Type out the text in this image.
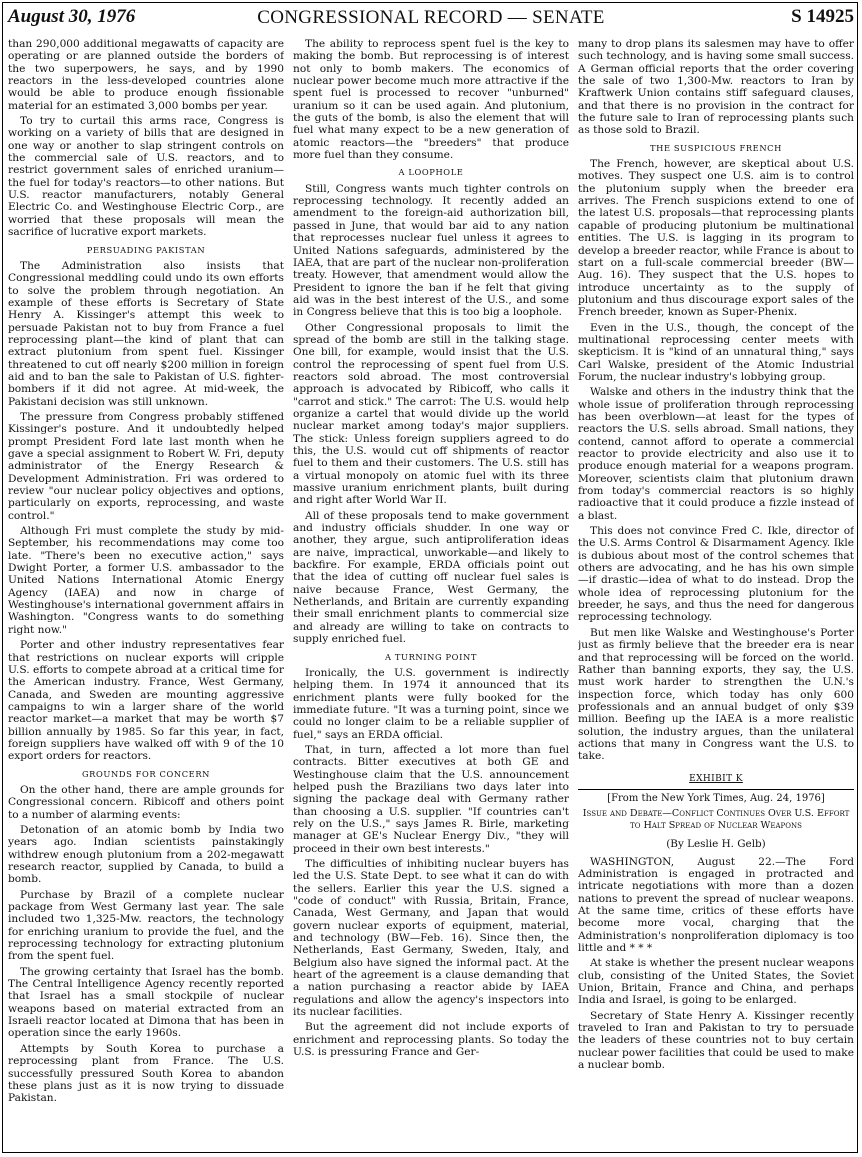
August 30, 1976	CONGRESSIONAL RECORD — SENATE	S 14925

than 290,000 additional megawatts of capacity are operating or are planned outside the borders of the two superpowers, he says, and by 1990 reactors in the less-developed countries alone would be able to produce enough fissionable material for an estimated 3,000 bombs per year.

To try to curtail this arms race, Congress is working on a variety of bills that are designed in one way or another to slap stringent controls on the commercial sale of U.S. reactors, and to restrict government sales of enriched uranium—the fuel for today's reactors—to other nations. But U.S. reactor manufacturers, notably General Electric Co. and Westinghouse Electric Corp., are worried that these proposals will mean the sacrifice of lucrative export markets.

PERSUADING PAKISTAN

The Administration also insists that Congressional meddling could undo its own efforts to solve the problem through negotiation. An example of these efforts is Secretary of State Henry A. Kissinger's attempt this week to persuade Pakistan not to buy from France a fuel reprocessing plant—the kind of plant that can extract plutonium from spent fuel. Kissinger threatened to cut off nearly $200 million in foreign aid and to ban the sale to Pakistan of U.S. fighter-bombers if it did not agree. At mid-week, the Pakistani decision was still unknown.

The pressure from Congress probably stiffened Kissinger's posture. And it undoubtedly helped prompt President Ford late last month when he gave a special assignment to Robert W. Fri, deputy administrator of the Energy Research & Development Administration. Fri was ordered to review "our nuclear policy objectives and options, particularly on exports, reprocessing, and waste control."

Although Fri must complete the study by mid-September, his recommendations may come too late. "There's been no executive action," says Dwight Porter, a former U.S. ambassador to the United Nations International Atomic Energy Agency (IAEA) and now in charge of Westinghouse's international government affairs in Washington. "Congress wants to do something right now."

Porter and other industry representatives fear that restrictions on nuclear exports will cripple U.S. efforts to compete abroad at a critical time for the American industry. France, West Germany, Canada, and Sweden are mounting aggressive campaigns to win a larger share of the world reactor market—a market that may be worth $7 billion annually by 1985. So far this year, in fact, foreign suppliers have walked off with 9 of the 10 export orders for reactors.

GROUNDS FOR CONCERN

On the other hand, there are ample grounds for Congressional concern. Ribicoff and others point to a number of alarming events:

Detonation of an atomic bomb by India two years ago. Indian scientists painstakingly withdrew enough plutonium from a 202-megawatt research reactor, supplied by Canada, to build a bomb.

Purchase by Brazil of a complete nuclear package from West Germany last year. The sale included two 1,325-Mw. reactors, the technology for enriching uranium to provide the fuel, and the reprocessing technology for extracting plutonium from the spent fuel.

The growing certainty that Israel has the bomb. The Central Intelligence Agency recently reported that Israel has a small stockpile of nuclear weapons based on material extracted from an Israeli reactor located at Dimona that has been in operation since the early 1960s.

Attempts by South Korea to purchase a reprocessing plant from France. The U.S. successfully pressured South Korea to abandon these plans just as it is now trying to dissuade Pakistan.

The ability to reprocess spent fuel is the key to making the bomb. But reprocessing is of interest not only to bomb makers. The economics of nuclear power become much more attractive if the spent fuel is processed to recover "unburned" uranium so it can be used again. And plutonium, the guts of the bomb, is also the element that will fuel what many expect to be a new generation of atomic reactors—the "breeders" that produce more fuel than they consume.

A LOOPHOLE

Still, Congress wants much tighter controls on reprocessing technology. It recently added an amendment to the foreign-aid authorization bill, passed in June, that would bar aid to any nation that reprocesses nuclear fuel unless it agrees to United Nations safeguards, administered by the IAEA, that are part of the nuclear non-proliferation treaty. However, that amendment would allow the President to ignore the ban if he felt that giving aid was in the best interest of the U.S., and some in Congress believe that this is too big a loophole.

Other Congressional proposals to limit the spread of the bomb are still in the talking stage. One bill, for example, would insist that the U.S. control the reprocessing of spent fuel from U.S. reactors sold abroad. The most controversial approach is advocated by Ribicoff, who calls it "carrot and stick." The carrot: The U.S. would help organize a cartel that would divide up the world nuclear market among today's major suppliers. The stick: Unless foreign suppliers agreed to do this, the U.S. would cut off shipments of reactor fuel to them and their customers. The U.S. still has a virtual monopoly on atomic fuel with its three massive uranium enrichment plants, built during and right after World War II.

All of these proposals tend to make government and industry officials shudder. In one way or another, they argue, such antiproliferation ideas are naive, impractical, unworkable—and likely to backfire. For example, ERDA officials point out that the idea of cutting off nuclear fuel sales is naive because France, West Germany, the Netherlands, and Britain are currently expanding their small enrichment plants to commercial size and already are willing to take on contracts to supply enriched fuel.

A TURNING POINT

Ironically, the U.S. government is indirectly helping them. In 1974 it announced that its enrichment plants were fully booked for the immediate future. "It was a turning point, since we could no longer claim to be a reliable supplier of fuel," says an ERDA official.

That, in turn, affected a lot more than fuel contracts. Bitter executives at both GE and Westinghouse claim that the U.S. announcement helped push the Brazilians two days later into signing the package deal with Germany rather than choosing a U.S. supplier. "If countries can't rely on the U.S.," says James R. Birle, marketing manager at GE's Nuclear Energy Div., "they will proceed in their own best interests."

The difficulties of inhibiting nuclear buyers has led the U.S. State Dept. to see what it can do with the sellers. Earlier this year the U.S. signed a "code of conduct" with Russia, Britain, France, Canada, West Germany, and Japan that would govern nuclear exports of equipment, material, and technology (BW—Feb. 16). Since then, the Netherlands, East Germany, Sweden, Italy, and Belgium also have signed the informal pact. At the heart of the agreement is a clause demanding that a nation purchasing a reactor abide by IAEA regulations and allow the agency's inspectors into its nuclear facilities.

But the agreement did not include exports of enrichment and reprocessing plants. So today the U.S. is pressuring France and Ger-

many to drop plans its salesmen may have to offer such technology, and is having some small success. A German official reports that the order covering the sale of two 1,300-Mw. reactors to Iran by Kraftwerk Union contains stiff safeguard clauses, and that there is no provision in the contract for the future sale to Iran of reprocessing plants such as those sold to Brazil.

THE SUSPICIOUS FRENCH

The French, however, are skeptical about U.S. motives. They suspect one U.S. aim is to control the plutonium supply when the breeder era arrives. The French suspicions extend to one of the latest U.S. proposals—that reprocessing plants capable of producing plutonium be multinational entities. The U.S. is lagging in its program to develop a breeder reactor, while France is about to start on a full-scale commercial breeder (BW—Aug. 16). They suspect that the U.S. hopes to introduce uncertainty as to the supply of plutonium and thus discourage export sales of the French breeder, known as Super-Phenix.

Even in the U.S., though, the concept of the multinational reprocessing center meets with skepticism. It is "kind of an unnatural thing," says Carl Walske, president of the Atomic Industrial Forum, the nuclear industry's lobbying group.

Walske and others in the industry think that the whole issue of proliferation through reprocessing has been overblown—at least for the types of reactors the U.S. sells abroad. Small nations, they contend, cannot afford to operate a commercial reactor to provide electricity and also use it to produce enough material for a weapons program. Moreover, scientists claim that plutonium drawn from today's commercial reactors is so highly radioactive that it could produce a fizzle instead of a blast.

This does not convince Fred C. Ikle, director of the U.S. Arms Control & Disarmament Agency. Ikle is dubious about most of the control schemes that others are advocating, and he has his own simple—if drastic—idea of what to do instead. Drop the whole idea of reprocessing plutonium for the breeder, he says, and thus the need for dangerous reprocessing technology.

But men like Walske and Westinghouse's Porter just as firmly believe that the breeder era is near and that reprocessing will be forced on the world. Rather than banning exports, they say, the U.S. must work harder to strengthen the U.N.'s inspection force, which today has only 600 professionals and an annual budget of only $39 million. Beefing up the IAEA is a more realistic solution, the industry argues, than the unilateral actions that many in Congress want the U.S. to take.

EXHIBIT K
[From the New York Times, Aug. 24, 1976]
Issue and Debate—Conflict Continues Over U.S. Effort to Halt Spread of Nuclear Weapons
(By Leslie H. Gelb)

WASHINGTON, August 22.—The Ford Administration is engaged in protracted and intricate negotiations with more than a dozen nations to prevent the spread of nuclear weapons. At the same time, critics of these efforts have become more vocal, charging that the Administration's nonproliferation diplomacy is too little and * * *

At stake is whether the present nuclear weapons club, consisting of the United States, the Soviet Union, Britain, France and China, and perhaps India and Israel, is going to be enlarged.

Secretary of State Henry A. Kissinger recently traveled to Iran and Pakistan to try to persuade the leaders of these countries not to buy certain nuclear power facilities that could be used to make a nuclear bomb.
